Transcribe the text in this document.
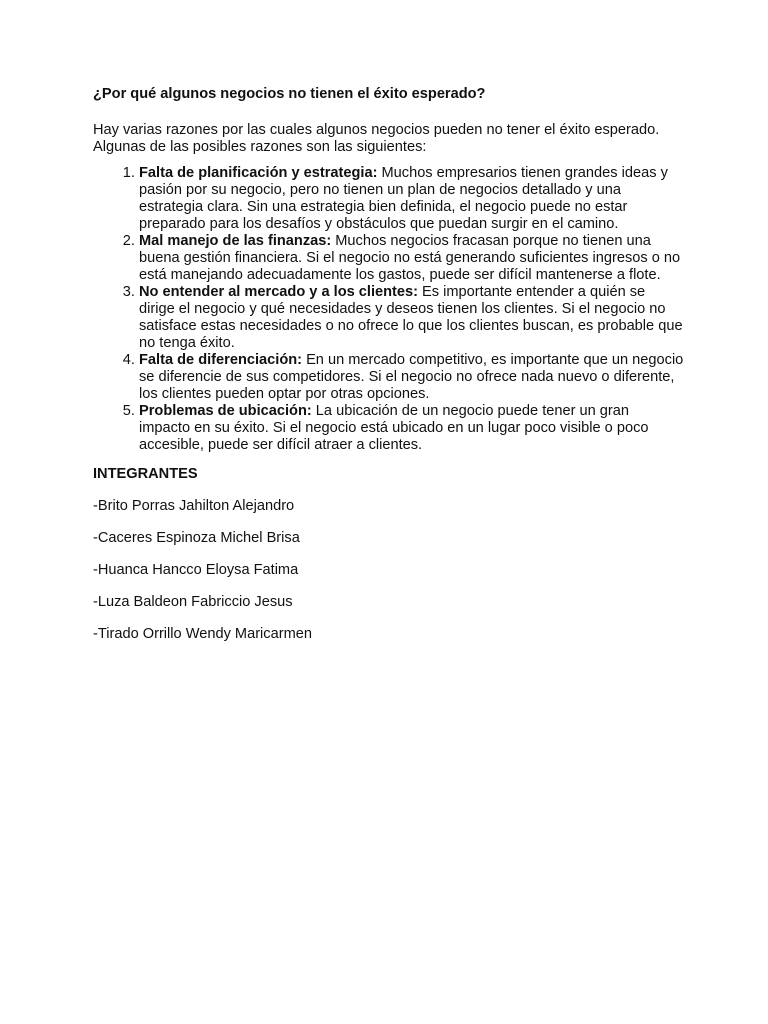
¿Por qué algunos negocios no tienen el éxito esperado?

Hay varias razones por las cuales algunos negocios pueden no tener el éxito esperado. Algunas de las posibles razones son las siguientes:

1. Falta de planificación y estrategia: Muchos empresarios tienen grandes ideas y pasión por su negocio, pero no tienen un plan de negocios detallado y una estrategia clara. Sin una estrategia bien definida, el negocio puede no estar preparado para los desafíos y obstáculos que puedan surgir en el camino.
2. Mal manejo de las finanzas: Muchos negocios fracasan porque no tienen una buena gestión financiera. Si el negocio no está generando suficientes ingresos o no está manejando adecuadamente los gastos, puede ser difícil mantenerse a flote.
3. No entender al mercado y a los clientes: Es importante entender a quién se dirige el negocio y qué necesidades y deseos tienen los clientes. Si el negocio no satisface estas necesidades o no ofrece lo que los clientes buscan, es probable que no tenga éxito.
4. Falta de diferenciación: En un mercado competitivo, es importante que un negocio se diferencie de sus competidores. Si el negocio no ofrece nada nuevo o diferente, los clientes pueden optar por otras opciones.
5. Problemas de ubicación: La ubicación de un negocio puede tener un gran impacto en su éxito. Si el negocio está ubicado en un lugar poco visible o poco accesible, puede ser difícil atraer a clientes.

INTEGRANTES

-Brito Porras Jahilton Alejandro

-Caceres Espinoza Michel Brisa

-Huanca Hancco Eloysa Fatima

-Luza Baldeon Fabriccio Jesus

-Tirado Orrillo Wendy Maricarmen
